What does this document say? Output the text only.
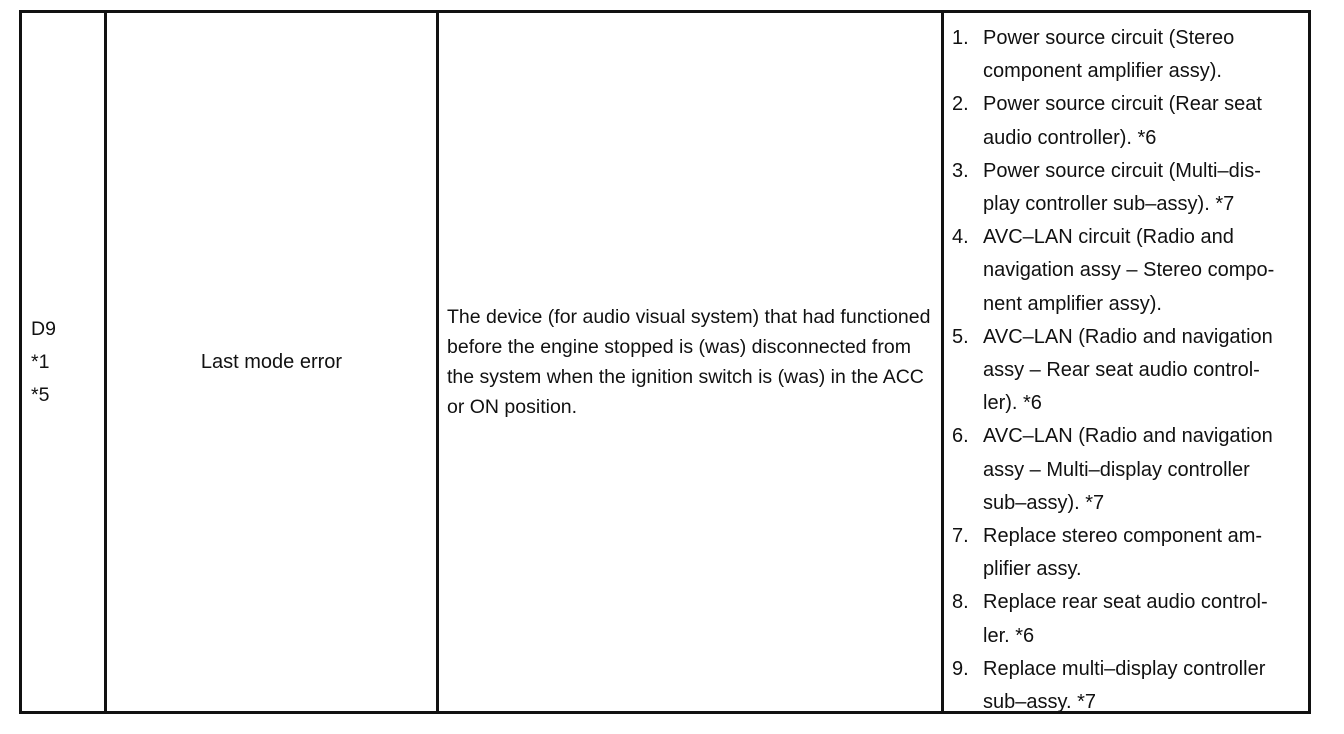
D9
*1
*5
Last mode error
The device (for audio visual system) that had functioned before the engine stopped is (was) disconnected from the system when the ignition switch is (was) in the ACC or ON position.
1. Power source circuit (Stereo
component amplifier assy).
2. Power source circuit (Rear seat
audio controller). *6
3. Power source circuit (Multi–dis-
play controller sub–assy). *7
4. AVC–LAN circuit (Radio and
navigation assy – Stereo compo-
nent amplifier assy).
5. AVC–LAN (Radio and navigation
assy – Rear seat audio control-
ler). *6
6. AVC–LAN (Radio and navigation
assy – Multi–display controller
sub–assy). *7
7. Replace stereo component am-
plifier assy.
8. Replace rear seat audio control-
ler. *6
9. Replace multi–display controller
sub–assy. *7
